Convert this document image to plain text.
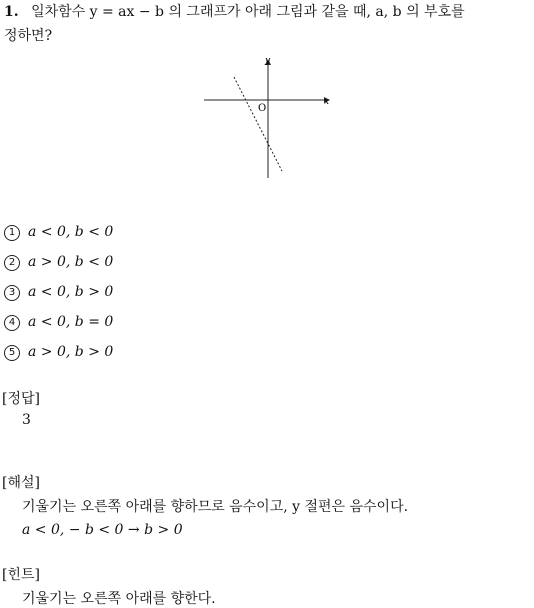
1. 일차함수 y = ax − b 의 그래프가 아래 그림과 같을 때, a, b 의 부호를
정하면?
y
x
O
1 a < 0, b < 0
2 a > 0, b < 0
3 a < 0, b > 0
4 a < 0, b = 0
5 a > 0, b > 0
[정답]
3
[해설]
기울기는 오른쪽 아래를 향하므로 음수이고, y 절편은 음수이다.
a < 0, − b < 0 → b > 0
[힌트]
기울기는 오른쪽 아래를 향한다.
